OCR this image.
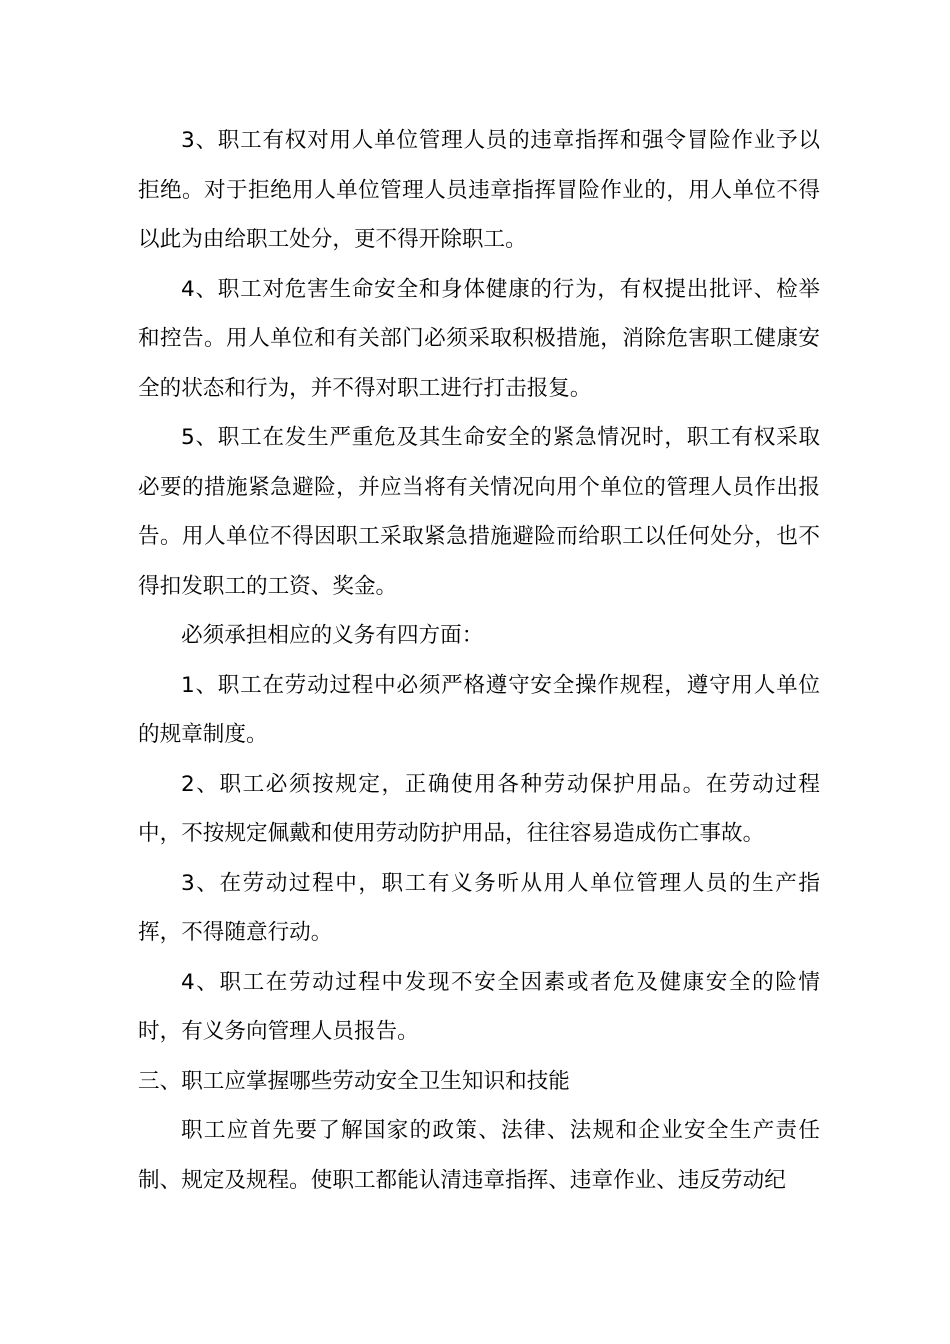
3、职工有权对用人单位管理人员的违章指挥和强令冒险作业予以拒绝。对于拒绝用人单位管理人员违章指挥冒险作业的，用人单位不得以此为由给职工处分，更不得开除职工。

4、职工对危害生命安全和身体健康的行为，有权提出批评、检举和控告。用人单位和有关部门必须采取积极措施，消除危害职工健康安全的状态和行为，并不得对职工进行打击报复。

5、职工在发生严重危及其生命安全的紧急情况时，职工有权采取必要的措施紧急避险，并应当将有关情况向用个单位的管理人员作出报告。用人单位不得因职工采取紧急措施避险而给职工以任何处分，也不得扣发职工的工资、奖金。

必须承担相应的义务有四方面：

1、职工在劳动过程中必须严格遵守安全操作规程，遵守用人单位的规章制度。

2、职工必须按规定，正确使用各种劳动保护用品。在劳动过程中，不按规定佩戴和使用劳动防护用品，往往容易造成伤亡事故。

3、在劳动过程中，职工有义务听从用人单位管理人员的生产指挥，不得随意行动。

4、职工在劳动过程中发现不安全因素或者危及健康安全的险情时，有义务向管理人员报告。

三、职工应掌握哪些劳动安全卫生知识和技能

职工应首先要了解国家的政策、法律、法规和企业安全生产责任制、规定及规程。使职工都能认清违章指挥、违章作业、违反劳动纪
